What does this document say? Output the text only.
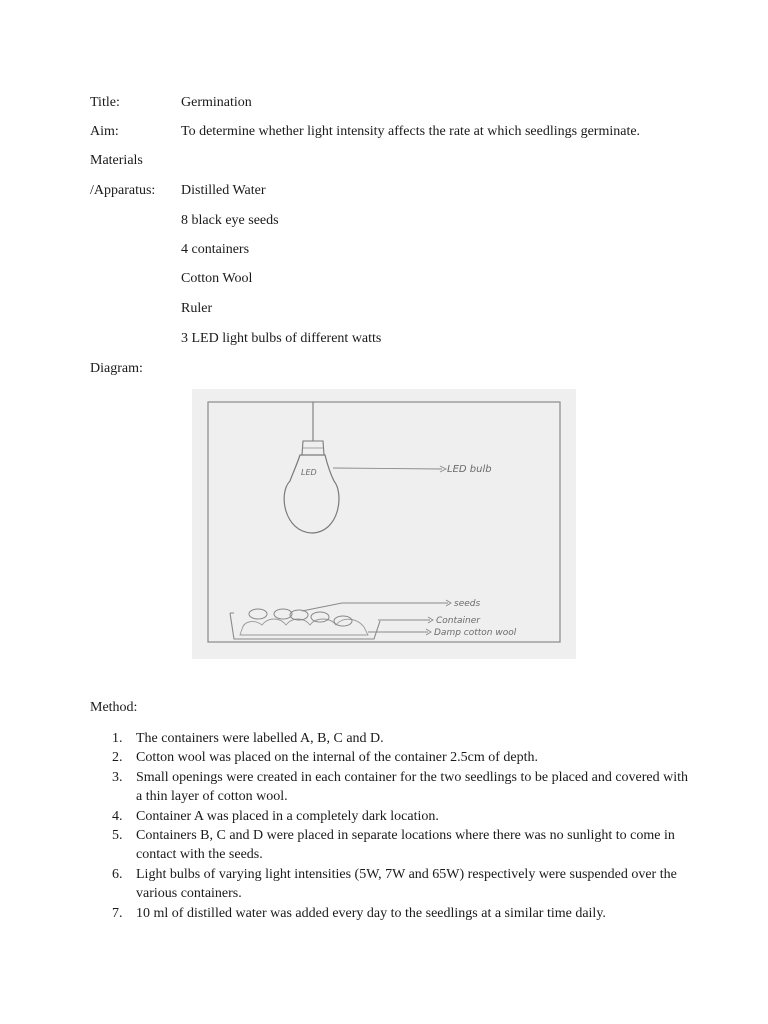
Title:	Germination
Aim:	To determine whether light intensity affects the rate at which seedlings germinate.
Materials
/Apparatus: Distilled Water
8 black eye seeds
4 containers
Cotton Wool
Ruler
3 LED light bulbs of different watts
Diagram:
LED	LED bulb
seeds
Container
Damp cotton wool
Method:
1. The containers were labelled A, B, C and D.
2. Cotton wool was placed on the internal of the container 2.5cm of depth.
3. Small openings were created in each container for the two seedlings to be placed and covered with a thin layer of cotton wool.
4. Container A was placed in a completely dark location.
5. Containers B, C and D were placed in separate locations where there was no sunlight to come in contact with the seeds.
6. Light bulbs of varying light intensities (5W, 7W and 65W) respectively were suspended over the various containers.
7. 10 ml of distilled water was added every day to the seedlings at a similar time daily.
